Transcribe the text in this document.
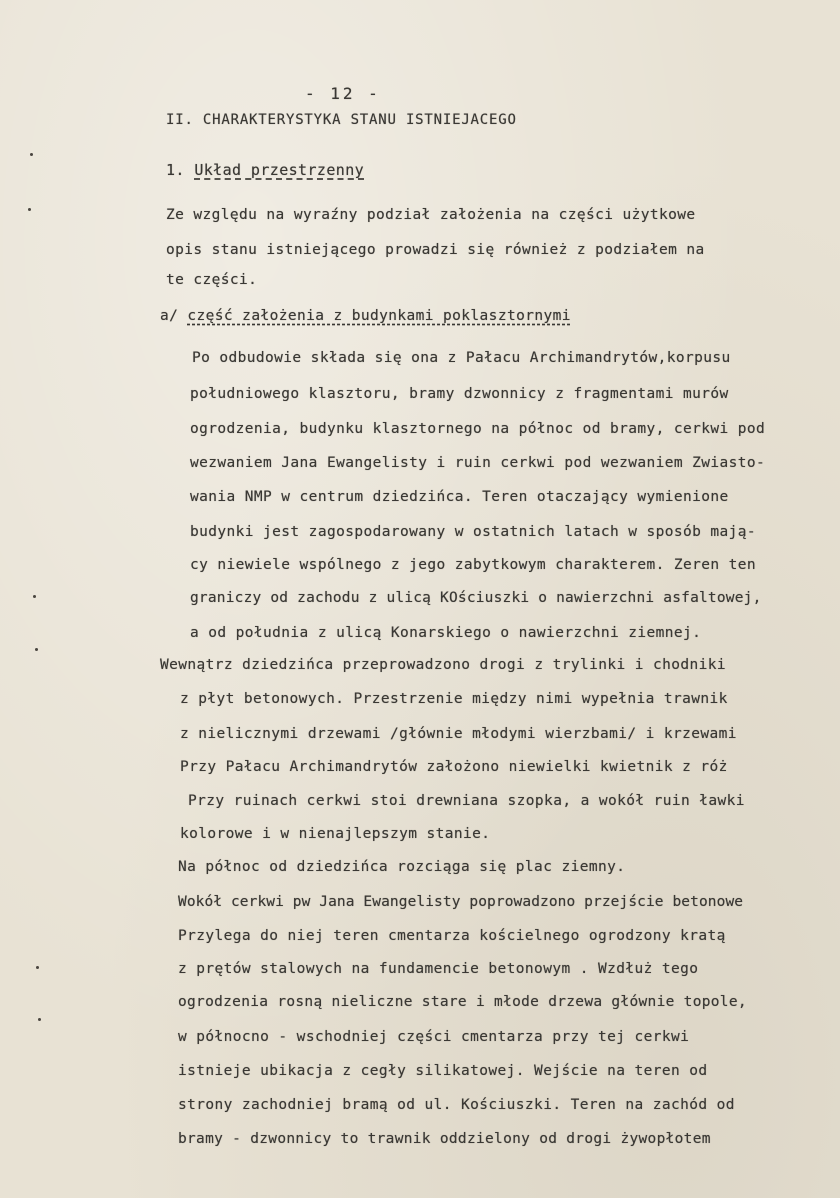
- 12 -
II. CHARAKTERYSTYKA STANU ISTNIEJACEGO
1. Układ przestrzenny
Ze względu na wyraźny podział założenia na części użytkowe
opis stanu istniejącego prowadzi się również z podziałem na
te części.
a/ część założenia z budynkami poklasztornymi
Po odbudowie składa się ona z Pałacu Archimandrytów,korpusu
południowego klasztoru, bramy dzwonnicy z fragmentami murów
ogrodzenia, budynku klasztornego na północ od bramy, cerkwi pod
wezwaniem Jana Ewangelisty i ruin cerkwi pod wezwaniem Zwiasto-
wania NMP w centrum dziedzińca. Teren otaczający wymienione
budynki jest zagospodarowany w ostatnich latach w sposób mają-
cy niewiele wspólnego z jego zabytkowym charakterem. Zeren ten
graniczy od zachodu z ulicą KOściuszki o nawierzchni asfaltowej,
a od południa z ulicą Konarskiego o nawierzchni ziemnej.
Wewnątrz dziedzińca przeprowadzono drogi z trylinki i chodniki
z płyt betonowych. Przestrzenie między nimi wypełnia trawnik
z nielicznymi drzewami /głównie młodymi wierzbami/ i krzewami
Przy Pałacu Archimandrytów założono niewielki kwietnik z róż
Przy ruinach cerkwi stoi drewniana szopka, a wokół ruin ławki
kolorowe i w nienajlepszym stanie.
Na północ od dziedzińca rozciąga się plac ziemny.
Wokół cerkwi pw Jana Ewangelisty poprowadzono przejście betonowe
Przylega do niej teren cmentarza kościelnego ogrodzony kratą
z prętów stalowych na fundamencie betonowym . Wzdłuż tego
ogrodzenia rosną nieliczne stare i młode drzewa głównie topole,
w północno - wschodniej części cmentarza przy tej cerkwi
istnieje ubikacja z cegły silikatowej. Wejście na teren od
strony zachodniej bramą od ul. Kościuszki. Teren na zachód od
bramy - dzwonnicy to trawnik oddzielony od drogi żywopłotem
